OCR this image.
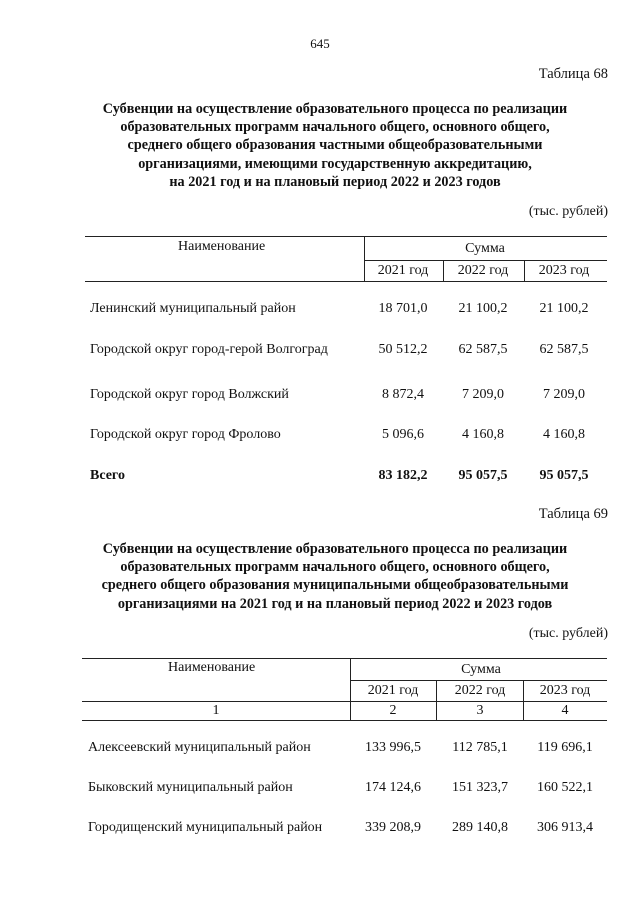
645
Таблица 68
Субвенции на осуществление образовательного процесса по реализации
образовательных программ начального общего, основного общего,
среднего общего образования частными общеобразовательными
организациями, имеющими государственную аккредитацию,
на 2021 год и на плановый период 2022 и 2023 годов
(тыс. рублей)
Наименование	Сумма
2021 год	2022 год	2023 год
Ленинский муниципальный район	18 701,0	21 100,2	21 100,2
Городской округ город-герой Волгоград	50 512,2	62 587,5	62 587,5
Городской округ город Волжский	8 872,4	7 209,0	7 209,0
Городской округ город Фролово	5 096,6	4 160,8	4 160,8
Всего	83 182,2	95 057,5	95 057,5
Таблица 69
Субвенции на осуществление образовательного процесса по реализации
образовательных программ начального общего, основного общего,
среднего общего образования муниципальными общеобразовательными
организациями на 2021 год и на плановый период 2022 и 2023 годов
(тыс. рублей)
Наименование	Сумма
2021 год	2022 год	2023 год
1	2	3	4
Алексеевский муниципальный район	133 996,5	112 785,1	119 696,1
Быковский муниципальный район	174 124,6	151 323,7	160 522,1
Городищенский муниципальный район	339 208,9	289 140,8	306 913,4
